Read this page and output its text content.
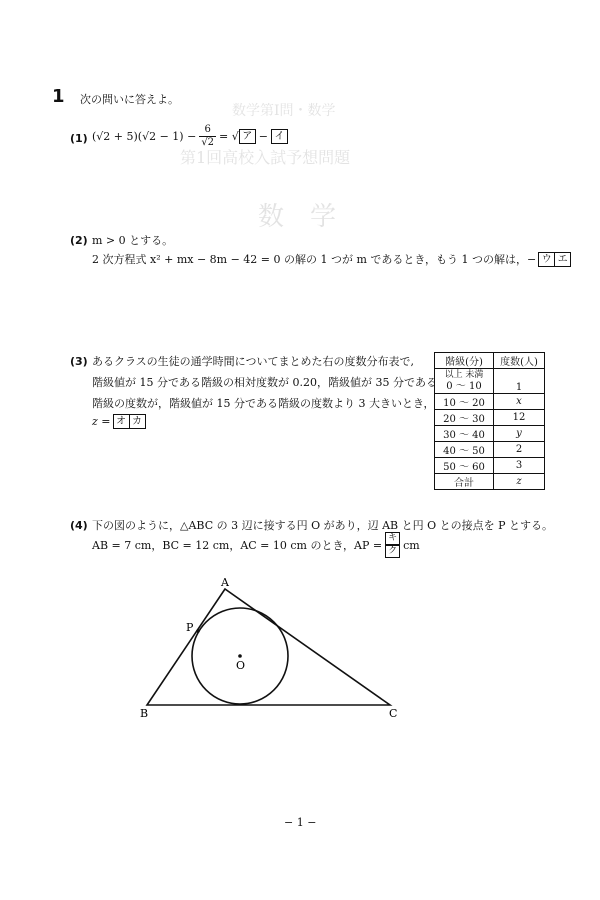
数学第Ⅰ問・数学
第1回高校入試予想問題
数　学
1 次の問いに答えよ。
(1) $(√2 + 5)(√2 - 1) - \frac{6}{√2}$ = √ ア − イ
(2) m > 0 とする。
2 次方程式 x² + mx − 8m − 42 = 0 の解の 1 つが m であるとき，もう 1 つの解は，− ウ エ
(3) あるクラスの生徒の通学時間についてまとめた右の度数分布表で,
階級値が 15 分である階級の相対度数が 0.20，階級値が 35 分である
階級の度数が，階級値が 15 分である階級の度数より 3 大きいとき，
z = オ カ
階級(分)	度数(人)

以上 未満
0 〜 10	1
10 〜 20	x
20 〜 30	12
30 〜 40	y
40 〜 50	2
50 〜 60	3
合計	z
(4) 下の図のように，△ABC の 3 辺に接する円 O があり，辺 AB と円 O との接点を P とする。
AB = 7 cm，BC = 12 cm，AC = 10 cm のとき，AP = $\frac{\text{キ}}{\text{ク}}$ cm
A
B	C
P
O
− 1 −
